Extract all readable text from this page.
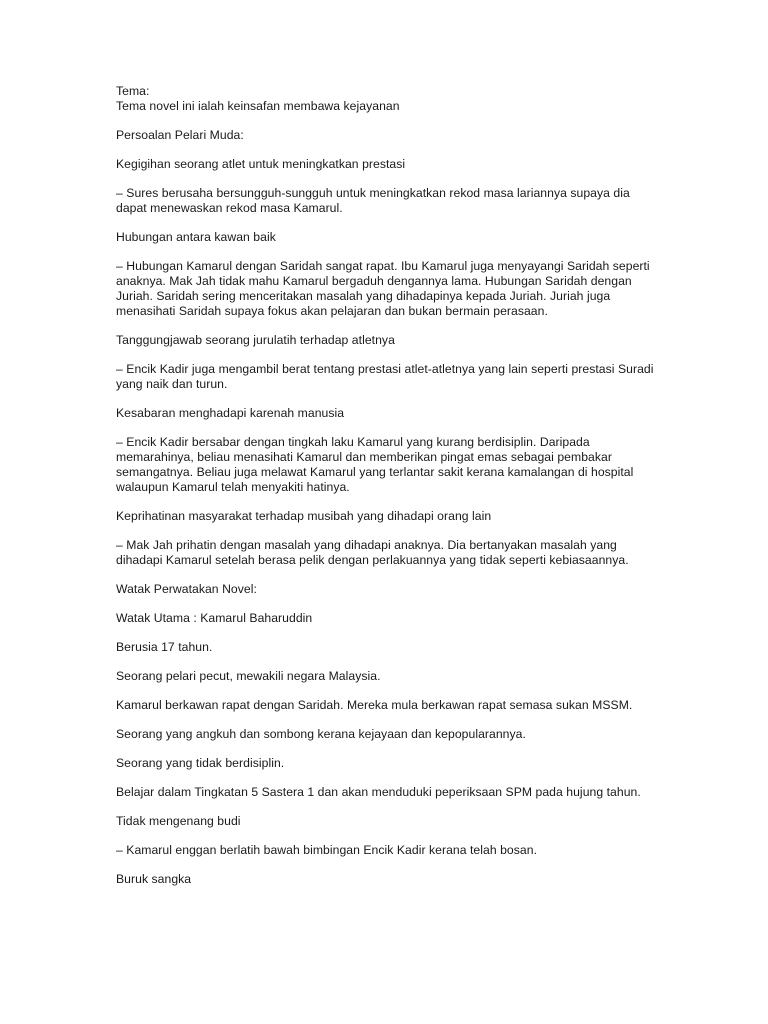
Tema:

Tema novel ini ialah keinsafan membawa kejayanan

Persoalan Pelari Muda:

Kegigihan seorang atlet untuk meningkatkan prestasi

– Sures berusaha bersungguh-sungguh untuk meningkatkan rekod masa lariannya supaya dia dapat menewaskan rekod masa Kamarul.

Hubungan antara kawan baik

– Hubungan Kamarul dengan Saridah sangat rapat. Ibu Kamarul juga menyayangi Saridah seperti anaknya. Mak Jah tidak mahu Kamarul bergaduh dengannya lama. Hubungan Saridah dengan Juriah. Saridah sering menceritakan masalah yang dihadapinya kepada Juriah. Juriah juga menasihati Saridah supaya fokus akan pelajaran dan bukan bermain perasaan.

Tanggungjawab seorang jurulatih terhadap atletnya

– Encik Kadir juga mengambil berat tentang prestasi atlet-atletnya yang lain seperti prestasi Suradi yang naik dan turun.

Kesabaran menghadapi karenah manusia

– Encik Kadir bersabar dengan tingkah laku Kamarul yang kurang berdisiplin. Daripada memarahinya, beliau menasihati Kamarul dan memberikan pingat emas sebagai pembakar semangatnya. Beliau juga melawat Kamarul yang terlantar sakit kerana kamalangan di hospital walaupun Kamarul telah menyakiti hatinya.

Keprihatinan masyarakat terhadap musibah yang dihadapi orang lain

– Mak Jah prihatin dengan masalah yang dihadapi anaknya. Dia bertanyakan masalah yang dihadapi Kamarul setelah berasa pelik dengan perlakuannya yang tidak seperti kebiasaannya.

Watak Perwatakan Novel:

Watak Utama : Kamarul Baharuddin

Berusia 17 tahun.

Seorang pelari pecut, mewakili negara Malaysia.

Kamarul berkawan rapat dengan Saridah. Mereka mula berkawan rapat semasa sukan MSSM.

Seorang yang angkuh dan sombong kerana kejayaan dan kepopularannya.

Seorang yang tidak berdisiplin.

Belajar dalam Tingkatan 5 Sastera 1 dan akan menduduki peperiksaan SPM pada hujung tahun.

Tidak mengenang budi

– Kamarul enggan berlatih bawah bimbingan Encik Kadir kerana telah bosan.

Buruk sangka
